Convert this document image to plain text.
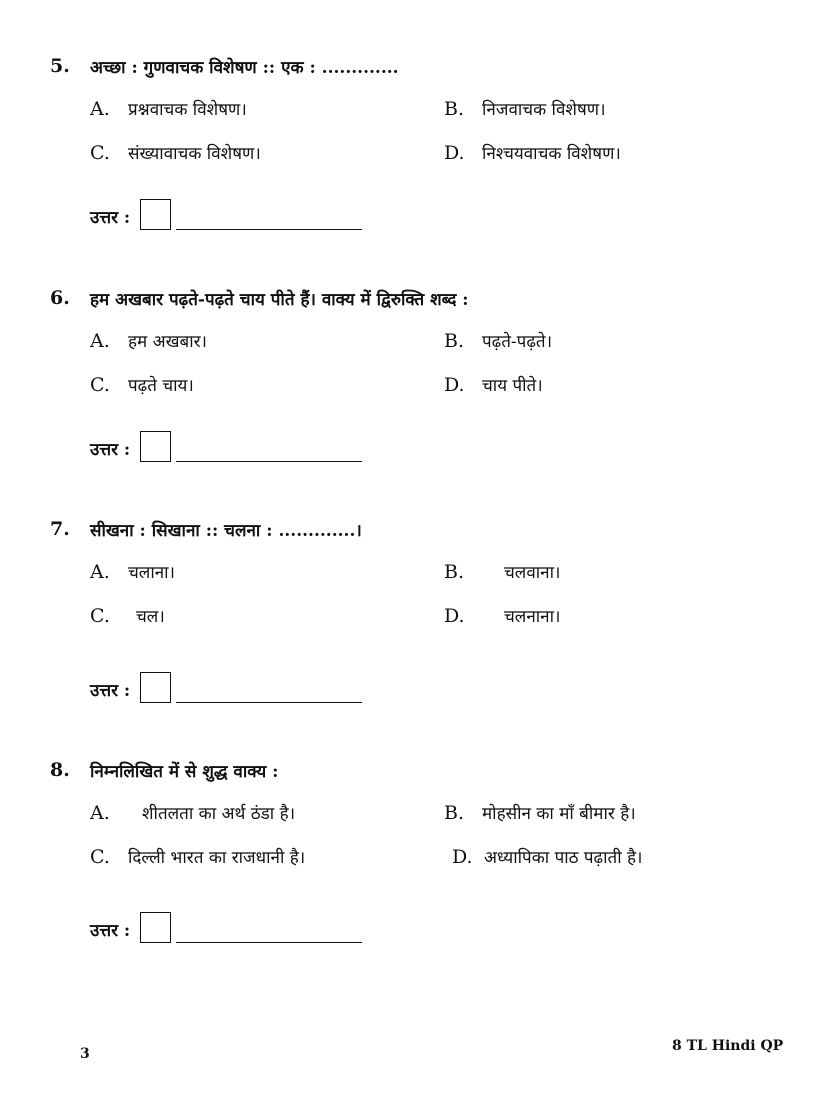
5. अच्छा : गुणवाचक विशेषण :: एक : .............
A. प्रश्नवाचक विशेषण।	B. निजवाचक विशेषण।
C. संख्यावाचक विशेषण।	D. निश्चयवाचक विशेषण।
उत्तर :
6. हम अखबार पढ़ते-पढ़ते चाय पीते हैं। वाक्य में द्विरुक्ति शब्द :
A. हम अखबार।	B. पढ़ते-पढ़ते।
C. पढ़ते चाय।	D. चाय पीते।
उत्तर :
7. सीखना : सिखाना :: चलना : .............।
A. चलाना।	B. चलवाना।
C. चल।	D. चलनाना।
उत्तर :
8. निम्नलिखित में से शुद्ध वाक्य :
A. शीतलता का अर्थ ठंडा है।	B. मोहसीन का माँ बीमार है।
C. दिल्ली भारत का राजधानी है।	D. अध्यापिका पाठ पढ़ाती है।
उत्तर :
3	8 TL Hindi QP
